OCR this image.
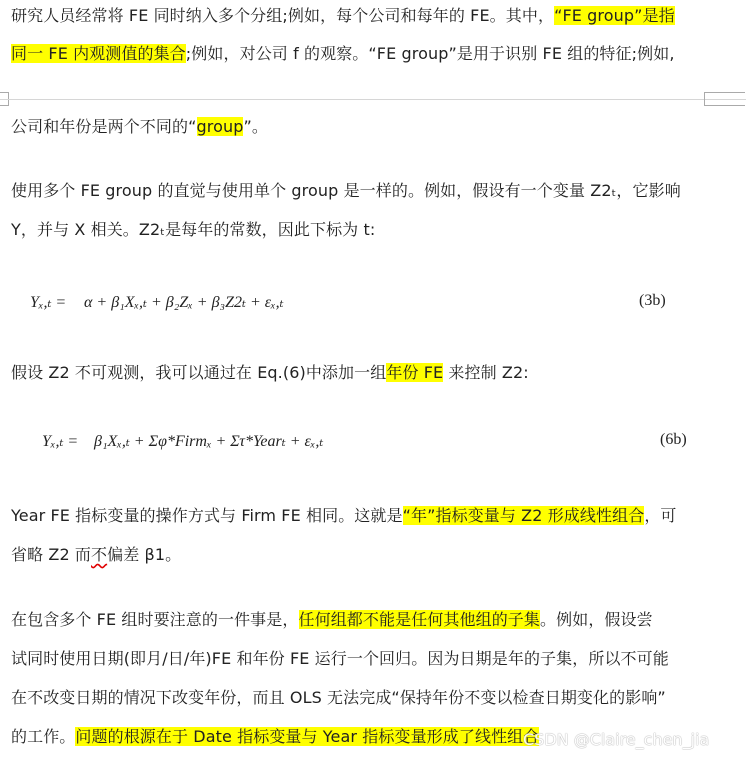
研究人员经常将 FE 同时纳入多个分组;例如，每个公司和每年的 FE。其中，“FE group”是指
同一 FE 内观测值的集合;例如，对公司 f 的观察。“FE group”是用于识别 FE 组的特征;例如,
公司和年份是两个不同的“group”。
使用多个 FE group 的直觉与使用单个 group 是一样的。例如，假设有一个变量 Z2ₜ，它影响
Y，并与 X 相关。Z2ₜ是每年的常数，因此下标为 t:
Yₓ,ₜ = α + β₁Xₓ,ₜ + β₂Zₓ + β₃Z2ₜ + εₓ,ₜ	(3b)
假设 Z2 不可观测，我可以通过在 Eq.(6)中添加一组年份 FE 来控制 Z2:
Yₓ,ₜ = β₁Xₓ,ₜ + Σφ*Firmₓ + Στ*Yearₜ + εₓ,ₜ	(6b)
Year FE 指标变量的操作方式与 Firm FE 相同。这就是“年”指标变量与 Z2 形成线性组合，可
省略 Z2 而不偏差 β1。
在包含多个 FE 组时要注意的一件事是，任何组都不能是任何其他组的子集。例如，假设尝
试同时使用日期(即月/日/年)FE 和年份 FE 运行一个回归。因为日期是年的子集，所以不可能
在不改变日期的情况下改变年份，而且 OLS 无法完成“保持年份不变以检查日期变化的影响”
的工作。问题的根源在于 Date 指标变量与 Year 指标变量形成了线性组合
CSDN @Claire_chen_jia
